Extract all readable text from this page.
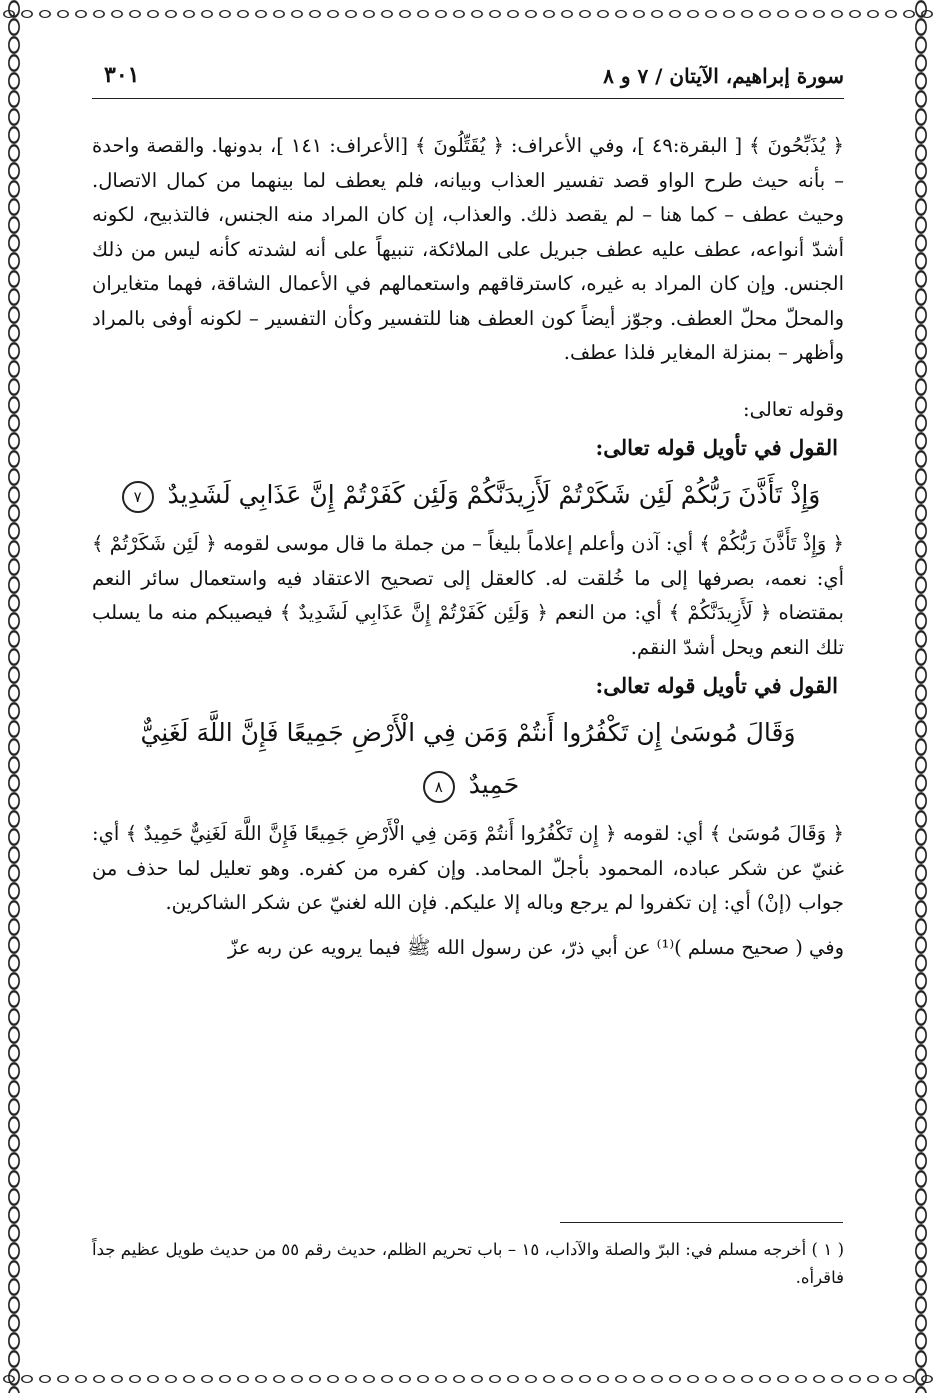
سورة إبراهيم، الآيتان / ٧ و ٨
٣٠١

﴿ يُذَبِّحُونَ ﴾ [ البقرة:٤٩ ]، وفي الأعراف: ﴿ يُقَتِّلُونَ ﴾ [الأعراف: ١٤١ ]، بدونها. والقصة واحدة – بأنه حيث طرح الواو قصد تفسير العذاب وبيانه، فلم يعطف لما بينهما من كمال الاتصال. وحيث عطف – كما هنا – لم يقصد ذلك. والعذاب، إن كان المراد منه الجنس، فالتذبيح، لكونه أشدّ أنواعه، عطف عليه عطف جبريل على الملائكة، تنبيهاً على أنه لشدته كأنه ليس من ذلك الجنس. وإن كان المراد به غيره، كاسترقاقهم واستعمالهم في الأعمال الشاقة، فهما متغايران والمحلّ محلّ العطف. وجوّز أيضاً كون العطف هنا للتفسير وكأن التفسير – لكونه أوفى بالمراد وأظهر – بمنزلة المغاير فلذا عطف.

وقوله تعالى:

القول في تأويل قوله تعالى:

وَإِذْ تَأَذَّنَ رَبُّكُمْ لَئِن شَكَرْتُمْ لَأَزِيدَنَّكُمْ وَلَئِن كَفَرْتُمْ إِنَّ عَذَابِي لَشَدِيدٌ ٧

﴿ وَإِذْ تَأَذَّنَ رَبُّكُمْ ﴾ أي: آذن وأعلم إعلاماً بليغاً – من جملة ما قال موسى لقومه ﴿ لَئِن شَكَرْتُمْ ﴾ أي: نعمه، بصرفها إلى ما خُلقت له. كالعقل إلى تصحيح الاعتقاد فيه واستعمال سائر النعم بمقتضاه ﴿ لَأَزِيدَنَّكُمْ ﴾ أي: من النعم ﴿ وَلَئِن كَفَرْتُمْ إِنَّ عَذَابِي لَشَدِيدٌ ﴾ فيصيبكم منه ما يسلب تلك النعم ويحل أشدّ النقم.

القول في تأويل قوله تعالى:

وَقَالَ مُوسَىٰ إِن تَكْفُرُوا أَنتُمْ وَمَن فِي الْأَرْضِ جَمِيعًا فَإِنَّ اللَّهَ لَغَنِيٌّ حَمِيدٌ ٨

﴿ وَقَالَ مُوسَىٰ ﴾ أي: لقومه ﴿ إِن تَكْفُرُوا أَنتُمْ وَمَن فِي الْأَرْضِ جَمِيعًا فَإِنَّ اللَّهَ لَغَنِيٌّ حَمِيدٌ ﴾ أي: غنيّ عن شكر عباده، المحمود بأجلّ المحامد. وإن كفره من كفره. وهو تعليل لما حذف من جواب (إنْ) أي: إن تكفروا لم يرجع وباله إلا عليكم. فإن الله لغنيّ عن شكر الشاكرين.

وفي ( صحيح مسلم )⁽¹⁾ عن أبي ذرّ، عن رسول الله ﷺ فيما يرويه عن ربه عزّ

( ١ ) أخرجه مسلم في: البرّ والصلة والآداب، ١٥ – باب تحريم الظلم، حديث رقم ٥٥ من حديث طويل عظيم جداً فاقرأه.
